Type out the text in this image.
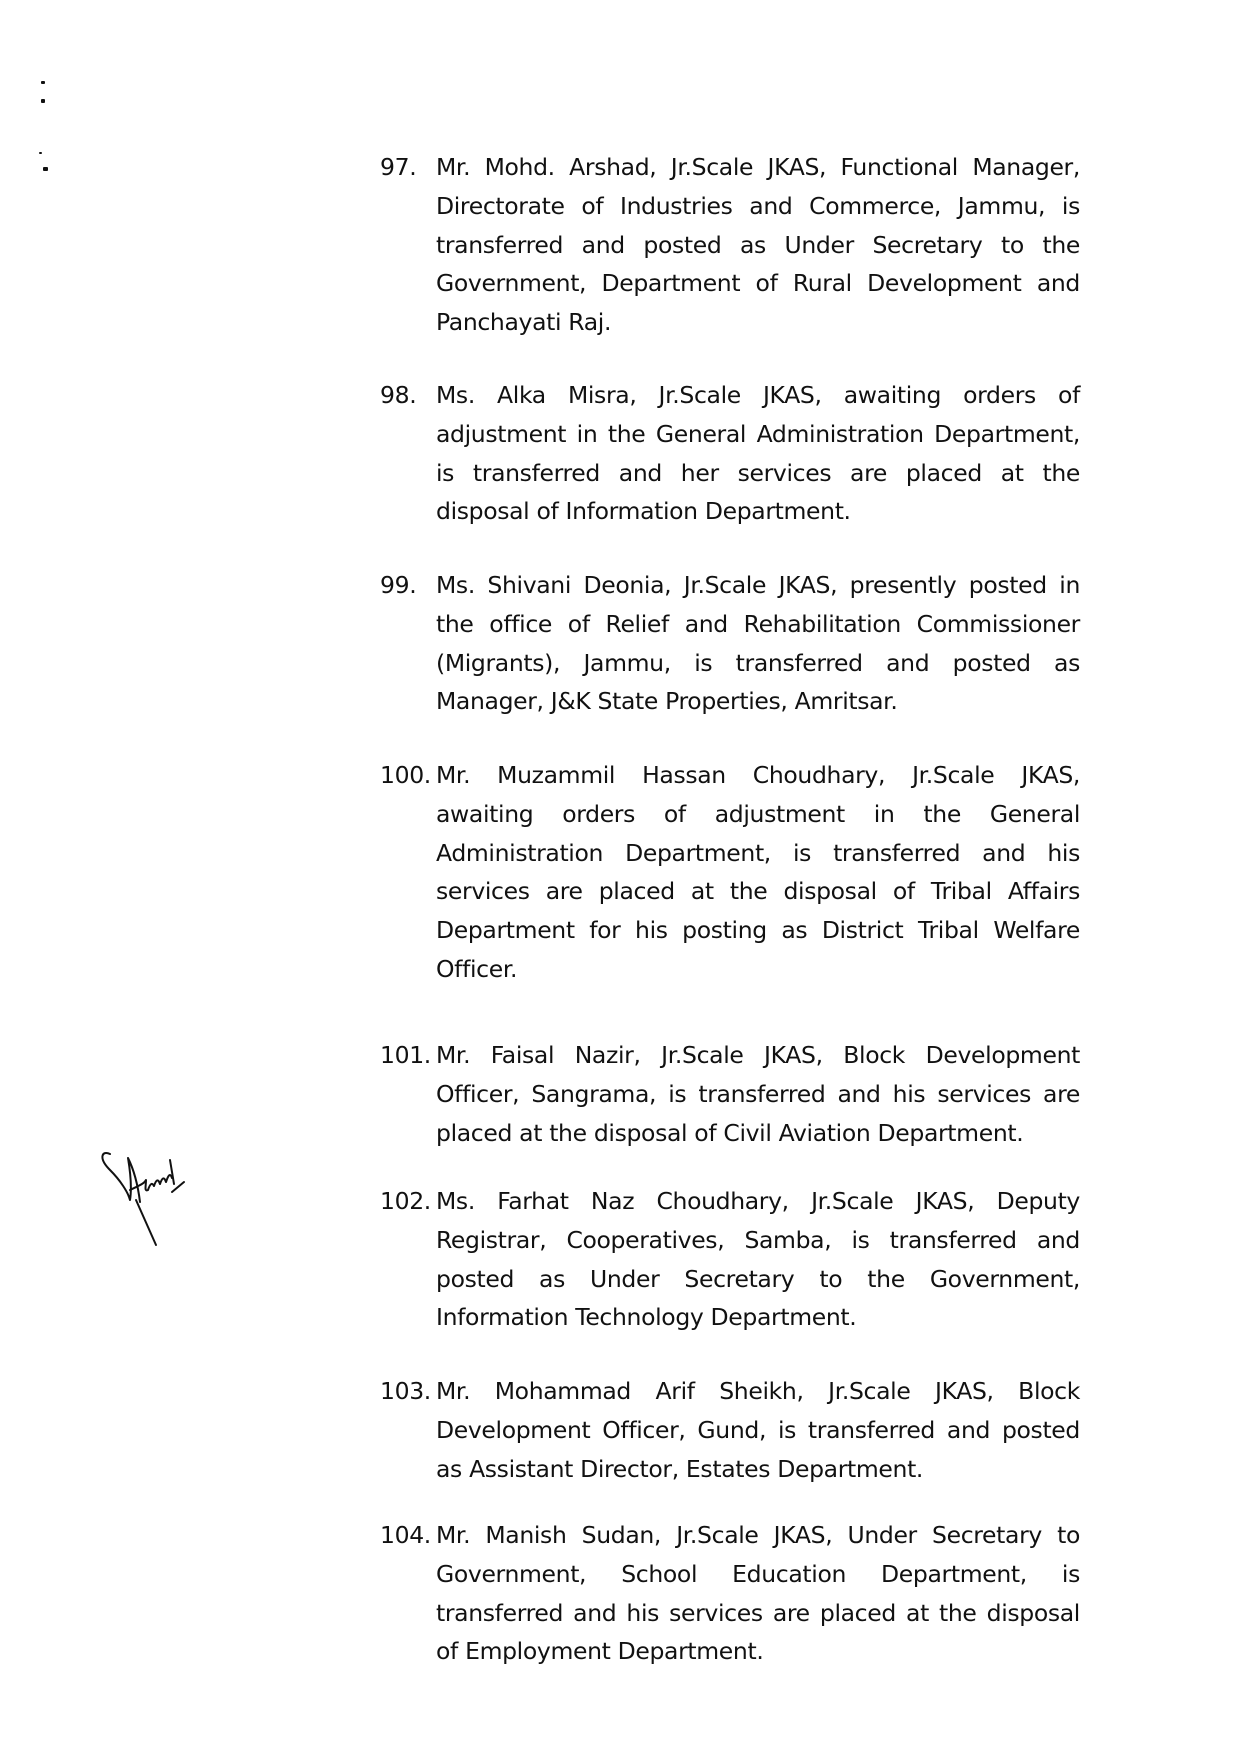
97. Mr. Mohd. Arshad, Jr.Scale JKAS, Functional Manager, Directorate of Industries and Commerce, Jammu, is transferred and posted as Under Secretary to the Government, Department of Rural Development and Panchayati Raj.
98. Ms. Alka Misra, Jr.Scale JKAS, awaiting orders of adjustment in the General Administration Department, is transferred and her services are placed at the disposal of Information Department.
99. Ms. Shivani Deonia, Jr.Scale JKAS, presently posted in the office of Relief and Rehabilitation Commissioner (Migrants), Jammu, is transferred and posted as Manager, J&K State Properties, Amritsar.
100. Mr. Muzammil Hassan Choudhary, Jr.Scale JKAS, awaiting orders of adjustment in the General Administration Department, is transferred and his services are placed at the disposal of Tribal Affairs Department for his posting as District Tribal Welfare Officer.
101. Mr. Faisal Nazir, Jr.Scale JKAS, Block Development Officer, Sangrama, is transferred and his services are placed at the disposal of Civil Aviation Department.
102. Ms. Farhat Naz Choudhary, Jr.Scale JKAS, Deputy Registrar, Cooperatives, Samba, is transferred and posted as Under Secretary to the Government, Information Technology Department.
103. Mr. Mohammad Arif Sheikh, Jr.Scale JKAS, Block Development Officer, Gund, is transferred and posted as Assistant Director, Estates Department.
104. Mr. Manish Sudan, Jr.Scale JKAS, Under Secretary to Government, School Education Department, is transferred and his services are placed at the disposal of Employment Department.
